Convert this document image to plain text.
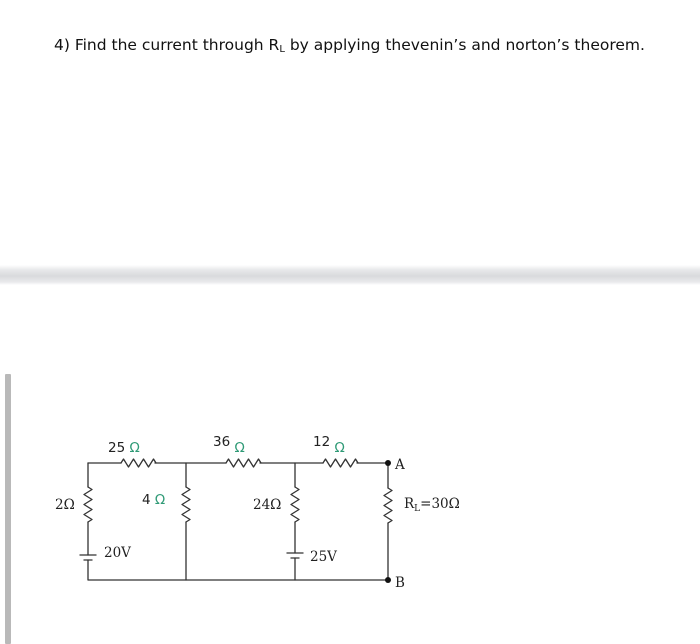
4) Find the current through $R_L$ by applying thevenin’s and norton’s theorem.
25 Ω	36 Ω	12 Ω
2Ω	4 Ω	24Ω	$R_L=30\Omega$
20V	25V
A
B
